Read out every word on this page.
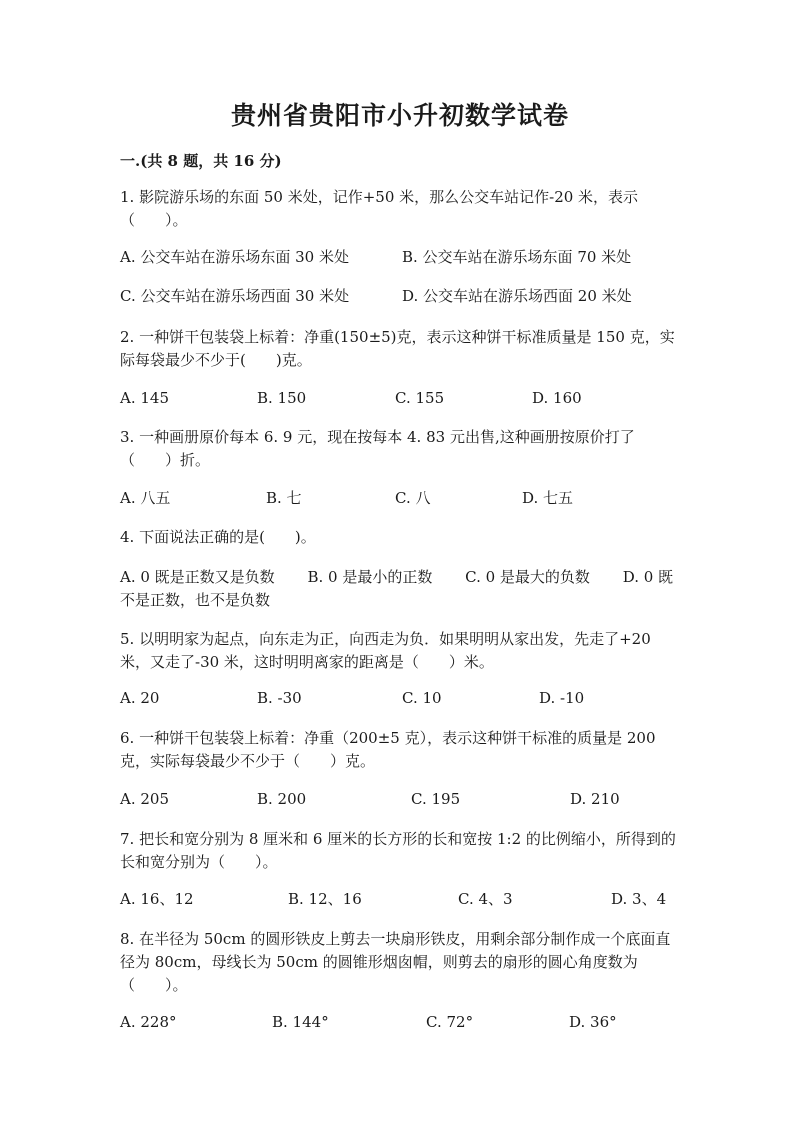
贵州省贵阳市小升初数学试卷
一.(共 8 题，共 16 分)
1. 影院游乐场的东面 50 米处，记作+50 米，那么公交车站记作-20 米，表示（　　）。
A. 公交车站在游乐场东面 30 米处	B. 公交车站在游乐场东面 70 米处
C. 公交车站在游乐场西面 30 米处	D. 公交车站在游乐场西面 20 米处
2. 一种饼干包装袋上标着：净重(150±5)克，表示这种饼干标准质量是 150 克，实际每袋最少不少于(　　)克。
A. 145	B. 150	C. 155	D. 160
3. 一种画册原价每本 6. 9 元，现在按每本 4. 83 元出售,这种画册按原价打了（　　）折。
A. 八五	B. 七	C. 八	D. 七五
4. 下面说法正确的是(　　)。
A. 0 既是正数又是负数 B. 0 是最小的正数 C. 0 是最大的负数 D. 0 既不是正数，也不是负数
5. 以明明家为起点，向东走为正，向西走为负．如果明明从家出发，先走了+20 米，又走了-30 米，这时明明离家的距离是（　　）米。
A. 20	B. -30	C. 10	D. -10
6. 一种饼干包装袋上标着：净重（200±5 克），表示这种饼干标准的质量是 200 克，实际每袋最少不少于（　　）克。
A. 205	B. 200	C. 195	D. 210
7. 把长和宽分别为 8 厘米和 6 厘米的长方形的长和宽按 1:2 的比例缩小，所得到的长和宽分别为（　　）。
A. 16、12	B. 12、16	C. 4、3	D. 3、4
8. 在半径为 50cm 的圆形铁皮上剪去一块扇形铁皮，用剩余部分制作成一个底面直径为 80cm，母线长为 50cm 的圆锥形烟囱帽，则剪去的扇形的圆心角度数为（　　）。
A. 228°	B. 144°	C. 72°	D. 36°
